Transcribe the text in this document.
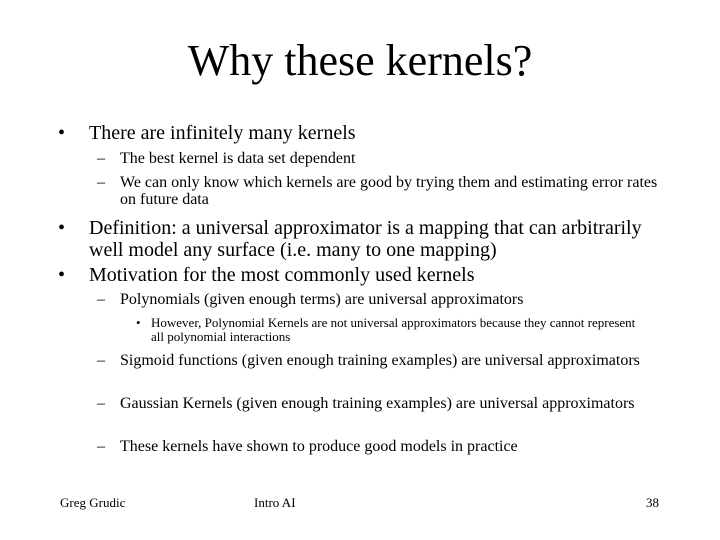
Why these kernels?
• There are infinitely many kernels
– The best kernel is data set dependent
– We can only know which kernels are good by trying them and estimating error rates on future data
• Definition: a universal approximator is a mapping that can arbitrarily well model any surface (i.e. many to one mapping)
• Motivation for the most commonly used kernels
– Polynomials (given enough terms) are universal approximators
• However, Polynomial Kernels are not universal approximators because they cannot represent all polynomial interactions
– Sigmoid functions (given enough training examples) are universal approximators
– Gaussian Kernels (given enough training examples) are universal approximators
– These kernels have shown to produce good models in practice
Greg Grudic	Intro AI	38
